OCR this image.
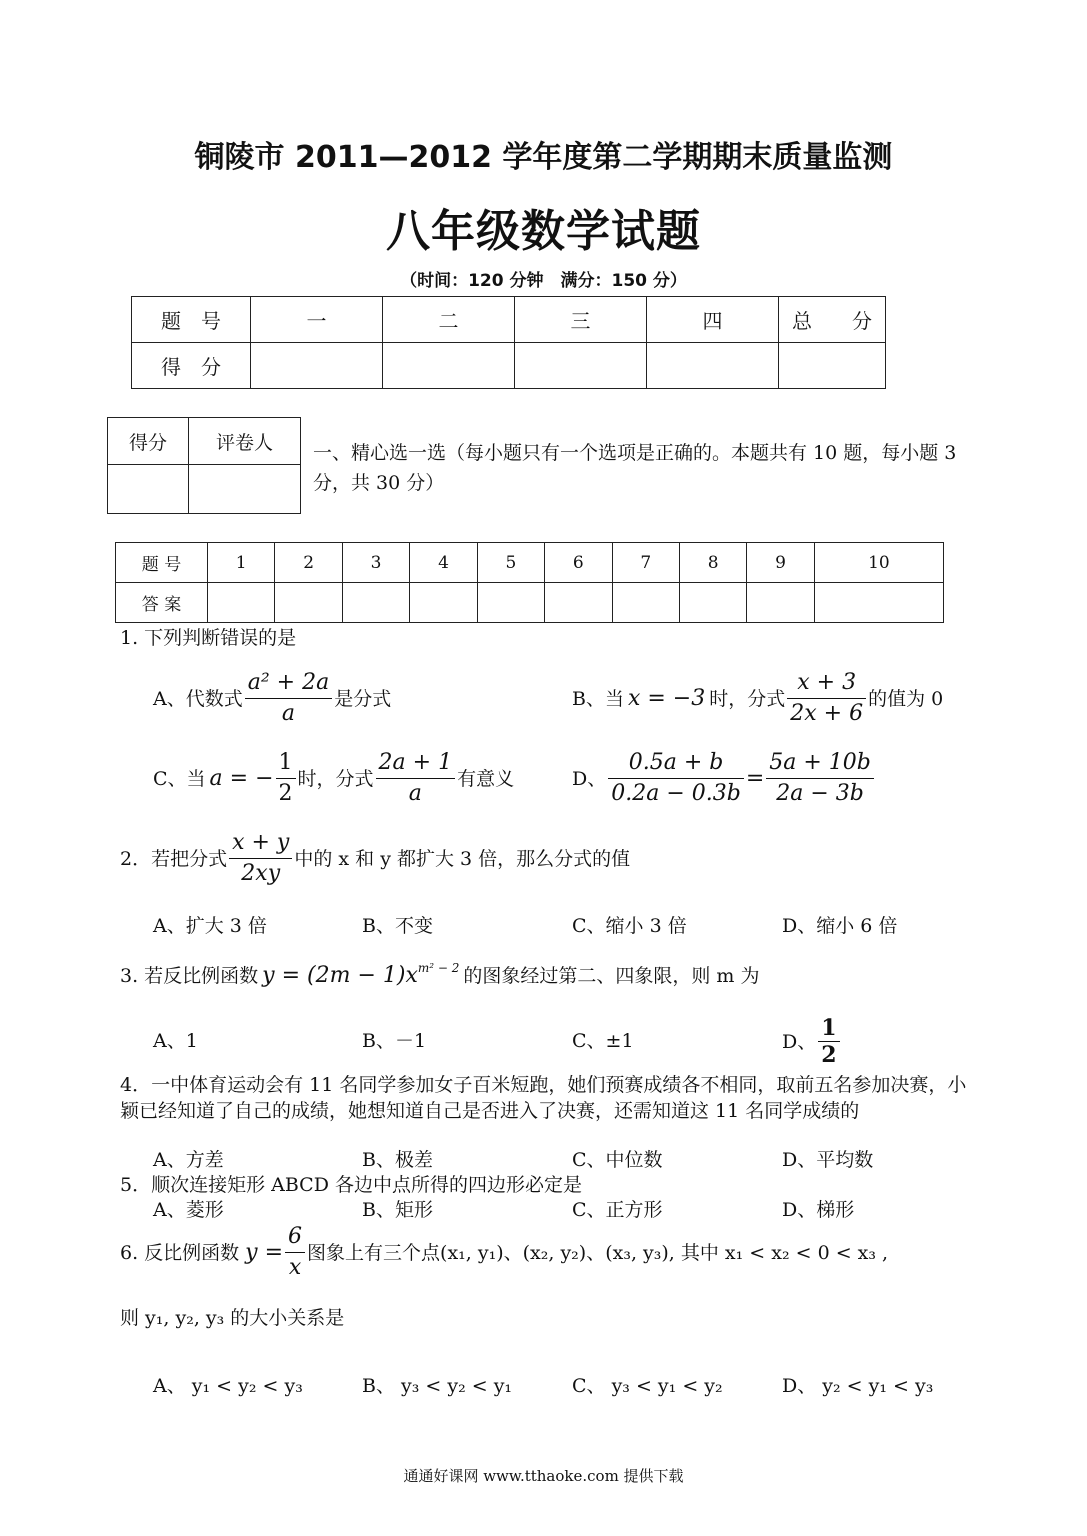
铜陵市 2011—2012 学年度第二学期期末质量监测
八年级数学试题
（时间：120 分钟　满分：150 分）
题　号	一	二	三	四	总　　分
得　分					
得分	评卷人
	一、精心选一选（每小题只有一个选项是正确的。本题共有 10 题，每小题 3 分，共 30 分）
题 号	1	2	3	4	5	6	7	8	9	10
答 案										
1. 下列判断错误的是
A、代数式 $\frac{\text{a² + 2a}}{a}$ 是分式	B、当 x = −3 时，分式 $\frac{x + 3}{2x + 6}$ 的值为 0
C、当 a = − $\frac{1}{2}$ 时，分式 $\frac{2a + 1}{a}$ 有意义	D、 $\frac{0.5a + b}{0.2a - 0.3b} = \frac{5a + 10b}{2a - 3b}$
2．若把分式 $\frac{x + y}{2xy}$ 中的 x 和 y 都扩大 3 倍，那么分式的值
A、扩大 3 倍	B、不变	C、缩小 3 倍	D、缩小 6 倍
3. 若反比例函数 $y = (2m - 1)x^{m^2 - 2}$ 的图象经过第二、四象限，则 m 为
A、1	B、－1	C、±1	D、 $\frac{1}{2}$
4．一中体育运动会有 11 名同学参加女子百米短跑，她们预赛成绩各不相同，取前五名参加决赛，小颖已经知道了自己的成绩，她想知道自己是否进入了决赛，还需知道这 11 名同学成绩的
A、方差	B、极差	C、中位数	D、平均数
5．顺次连接矩形 ABCD 各边中点所得的四边形必定是
A、菱形	B、矩形	C、正方形	D、梯形
6. 反比例函数 $y = \frac{6}{x}$ 图象上有三个点(x₁, y₁)、(x₂, y₂)、(x₃, y₃), 其中 x₁ < x₂ < 0 < x₃ ,
则 y₁, y₂, y₃ 的大小关系是
A、 y₁ < y₂ < y₃	B、 y₃ < y₂ < y₁	C、 y₃ < y₁ < y₂	D、 y₂ < y₁ < y₃
通通好课网 www.tthaoke.com 提供下载
